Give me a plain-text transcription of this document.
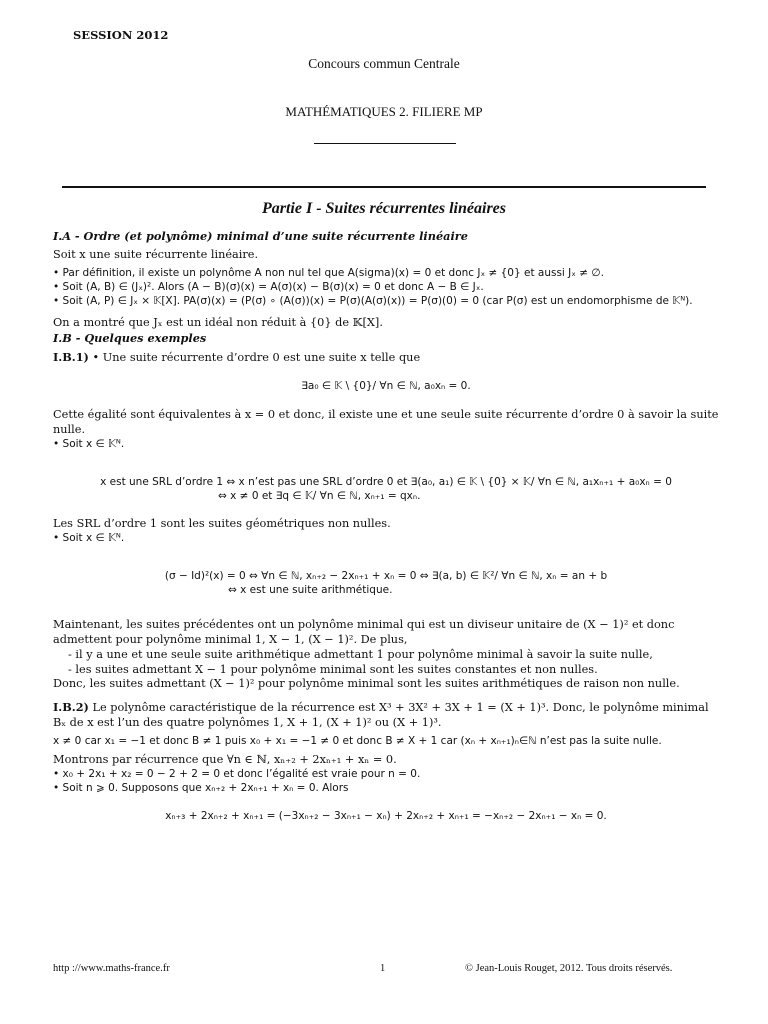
SESSION 2012
Concours commun Centrale
MATHÉMATIQUES 2. FILIERE MP
Partie I - Suites récurrentes linéaires

I.A - Ordre (et polynôme) minimal d’une suite récurrente linéaire

Soit x une suite récurrente linéaire.

• Par définition, il existe un polynôme A non nul tel que A(sigma)(x) = 0 et donc Jₓ ≠ {0} et aussi Jₓ ≠ ∅.

• Soit (A, B) ∈ (Jₓ)². Alors (A − B)(σ)(x) = A(σ)(x) − B(σ)(x) = 0 et donc A − B ∈ Jₓ.

• Soit (A, P) ∈ Jₓ × 𝕂[X]. PA(σ)(x) = (P(σ) ∘ (A(σ))(x) = P(σ)(A(σ)(x)) = P(σ)(0) = 0 (car P(σ) est un endomorphisme de 𝕂ᴺ).

On a montré que Jₓ est un idéal non réduit à {0} de 𝕂[X].

I.B - Quelques exemples

I.B.1) • Une suite récurrente d’ordre 0 est une suite x telle que

∃a₀ ∈ 𝕂 \ {0}/ ∀n ∈ ℕ, a₀xₙ = 0.

Cette égalité sont équivalentes à x = 0 et donc, il existe une et une seule suite récurrente d’ordre 0 à savoir la suite nulle.

• Soit x ∈ 𝕂ᴺ.

x est une SRL d’ordre 1 ⇔ x n’est pas une SRL d’ordre 0 et ∃(a₀, a₁) ∈ 𝕂 \ {0} × 𝕂/ ∀n ∈ ℕ, a₁xₙ₊₁ + a₀xₙ = 0

⇔ x ≠ 0 et ∃q ∈ 𝕂/ ∀n ∈ ℕ, xₙ₊₁ = qxₙ.

Les SRL d’ordre 1 sont les suites géométriques non nulles.

• Soit x ∈ 𝕂ᴺ.

(σ − Id)²(x) = 0 ⇔ ∀n ∈ ℕ, xₙ₊₂ − 2xₙ₊₁ + xₙ = 0 ⇔ ∃(a, b) ∈ 𝕂²/ ∀n ∈ ℕ, xₙ = an + b

⇔ x est une suite arithmétique.

Maintenant, les suites précédentes ont un polynôme minimal qui est un diviseur unitaire de (X − 1)² et donc admettent pour polynôme minimal 1, X − 1, (X − 1)². De plus,

- il y a une et une seule suite arithmétique admettant 1 pour polynôme minimal à savoir la suite nulle,

- les suites admettant X − 1 pour polynôme minimal sont les suites constantes et non nulles.

Donc, les suites admettant (X − 1)² pour polynôme minimal sont les suites arithmétiques de raison non nulle.

I.B.2) Le polynôme caractéristique de la récurrence est X³ + 3X² + 3X + 1 = (X + 1)³. Donc, le polynôme minimal Bₓ de x est l’un des quatre polynômes 1, X + 1, (X + 1)² ou (X + 1)³.

x ≠ 0 car x₁ = −1 et donc B ≠ 1 puis x₀ + x₁ = −1 ≠ 0 et donc B ≠ X + 1 car (xₙ + xₙ₊₁)ₙ∈ℕ n’est pas la suite nulle.

Montrons par récurrence que ∀n ∈ ℕ, xₙ₊₂ + 2xₙ₊₁ + xₙ = 0.

• x₀ + 2x₁ + x₂ = 0 − 2 + 2 = 0 et donc l’égalité est vraie pour n = 0.

• Soit n ⩾ 0. Supposons que xₙ₊₂ + 2xₙ₊₁ + xₙ = 0. Alors

xₙ₊₃ + 2xₙ₊₂ + xₙ₊₁ = (−3xₙ₊₂ − 3xₙ₊₁ − xₙ) + 2xₙ₊₂ + xₙ₊₁ = −xₙ₊₂ − 2xₙ₊₁ − xₙ = 0.

http ://www.maths-france.fr	1	© Jean-Louis Rouget, 2012. Tous droits réservés.
